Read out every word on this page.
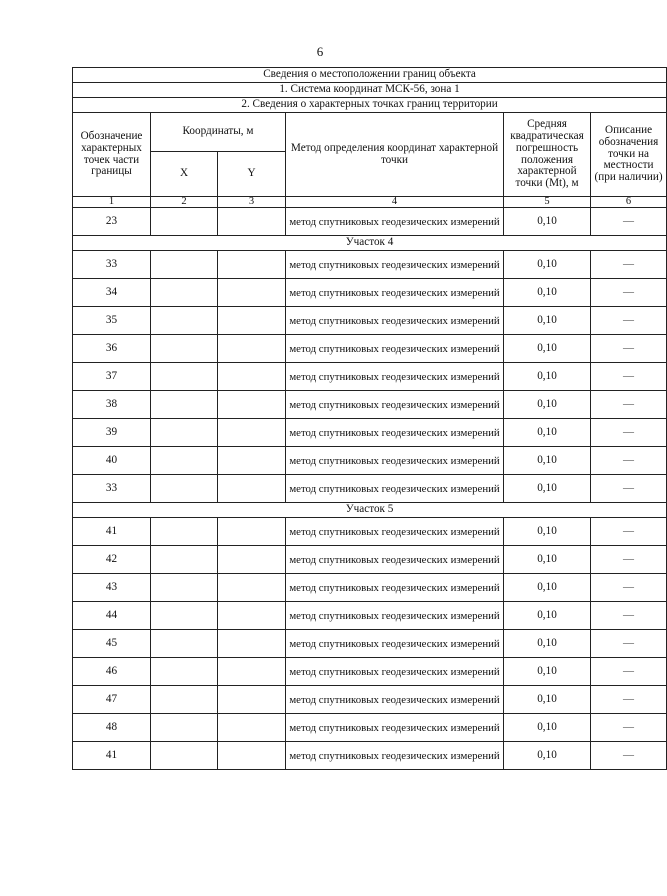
6
Сведения о местоположении границ объекта					
1. Система координат МСК-56, зона 1					
2. Сведения о характерных точках границ территории					
Обозначение характерных точек части границы	Координаты, м		Метод определения координат характерной точки	Средняя квадратическая погрешность положения характерной точки (Mt), м	Описание обозначения точки на местности (при наличии)
	X	Y			
1	2	3	4	5	6
23			метод спутниковых геодезических измерений	0,10	—
Участок 4					
33			метод спутниковых геодезических измерений	0,10	—
34			метод спутниковых геодезических измерений	0,10	—
35			метод спутниковых геодезических измерений	0,10	—
36			метод спутниковых геодезических измерений	0,10	—
37			метод спутниковых геодезических измерений	0,10	—
38			метод спутниковых геодезических измерений	0,10	—
39			метод спутниковых геодезических измерений	0,10	—
40			метод спутниковых геодезических измерений	0,10	—
33			метод спутниковых геодезических измерений	0,10	—
Участок 5					
41			метод спутниковых геодезических измерений	0,10	—
42			метод спутниковых геодезических измерений	0,10	—
43			метод спутниковых геодезических измерений	0,10	—
44			метод спутниковых геодезических измерений	0,10	—
45			метод спутниковых геодезических измерений	0,10	—
46			метод спутниковых геодезических измерений	0,10	—
47			метод спутниковых геодезических измерений	0,10	—
48			метод спутниковых геодезических измерений	0,10	—
41			метод спутниковых геодезических измерений	0,10	—
